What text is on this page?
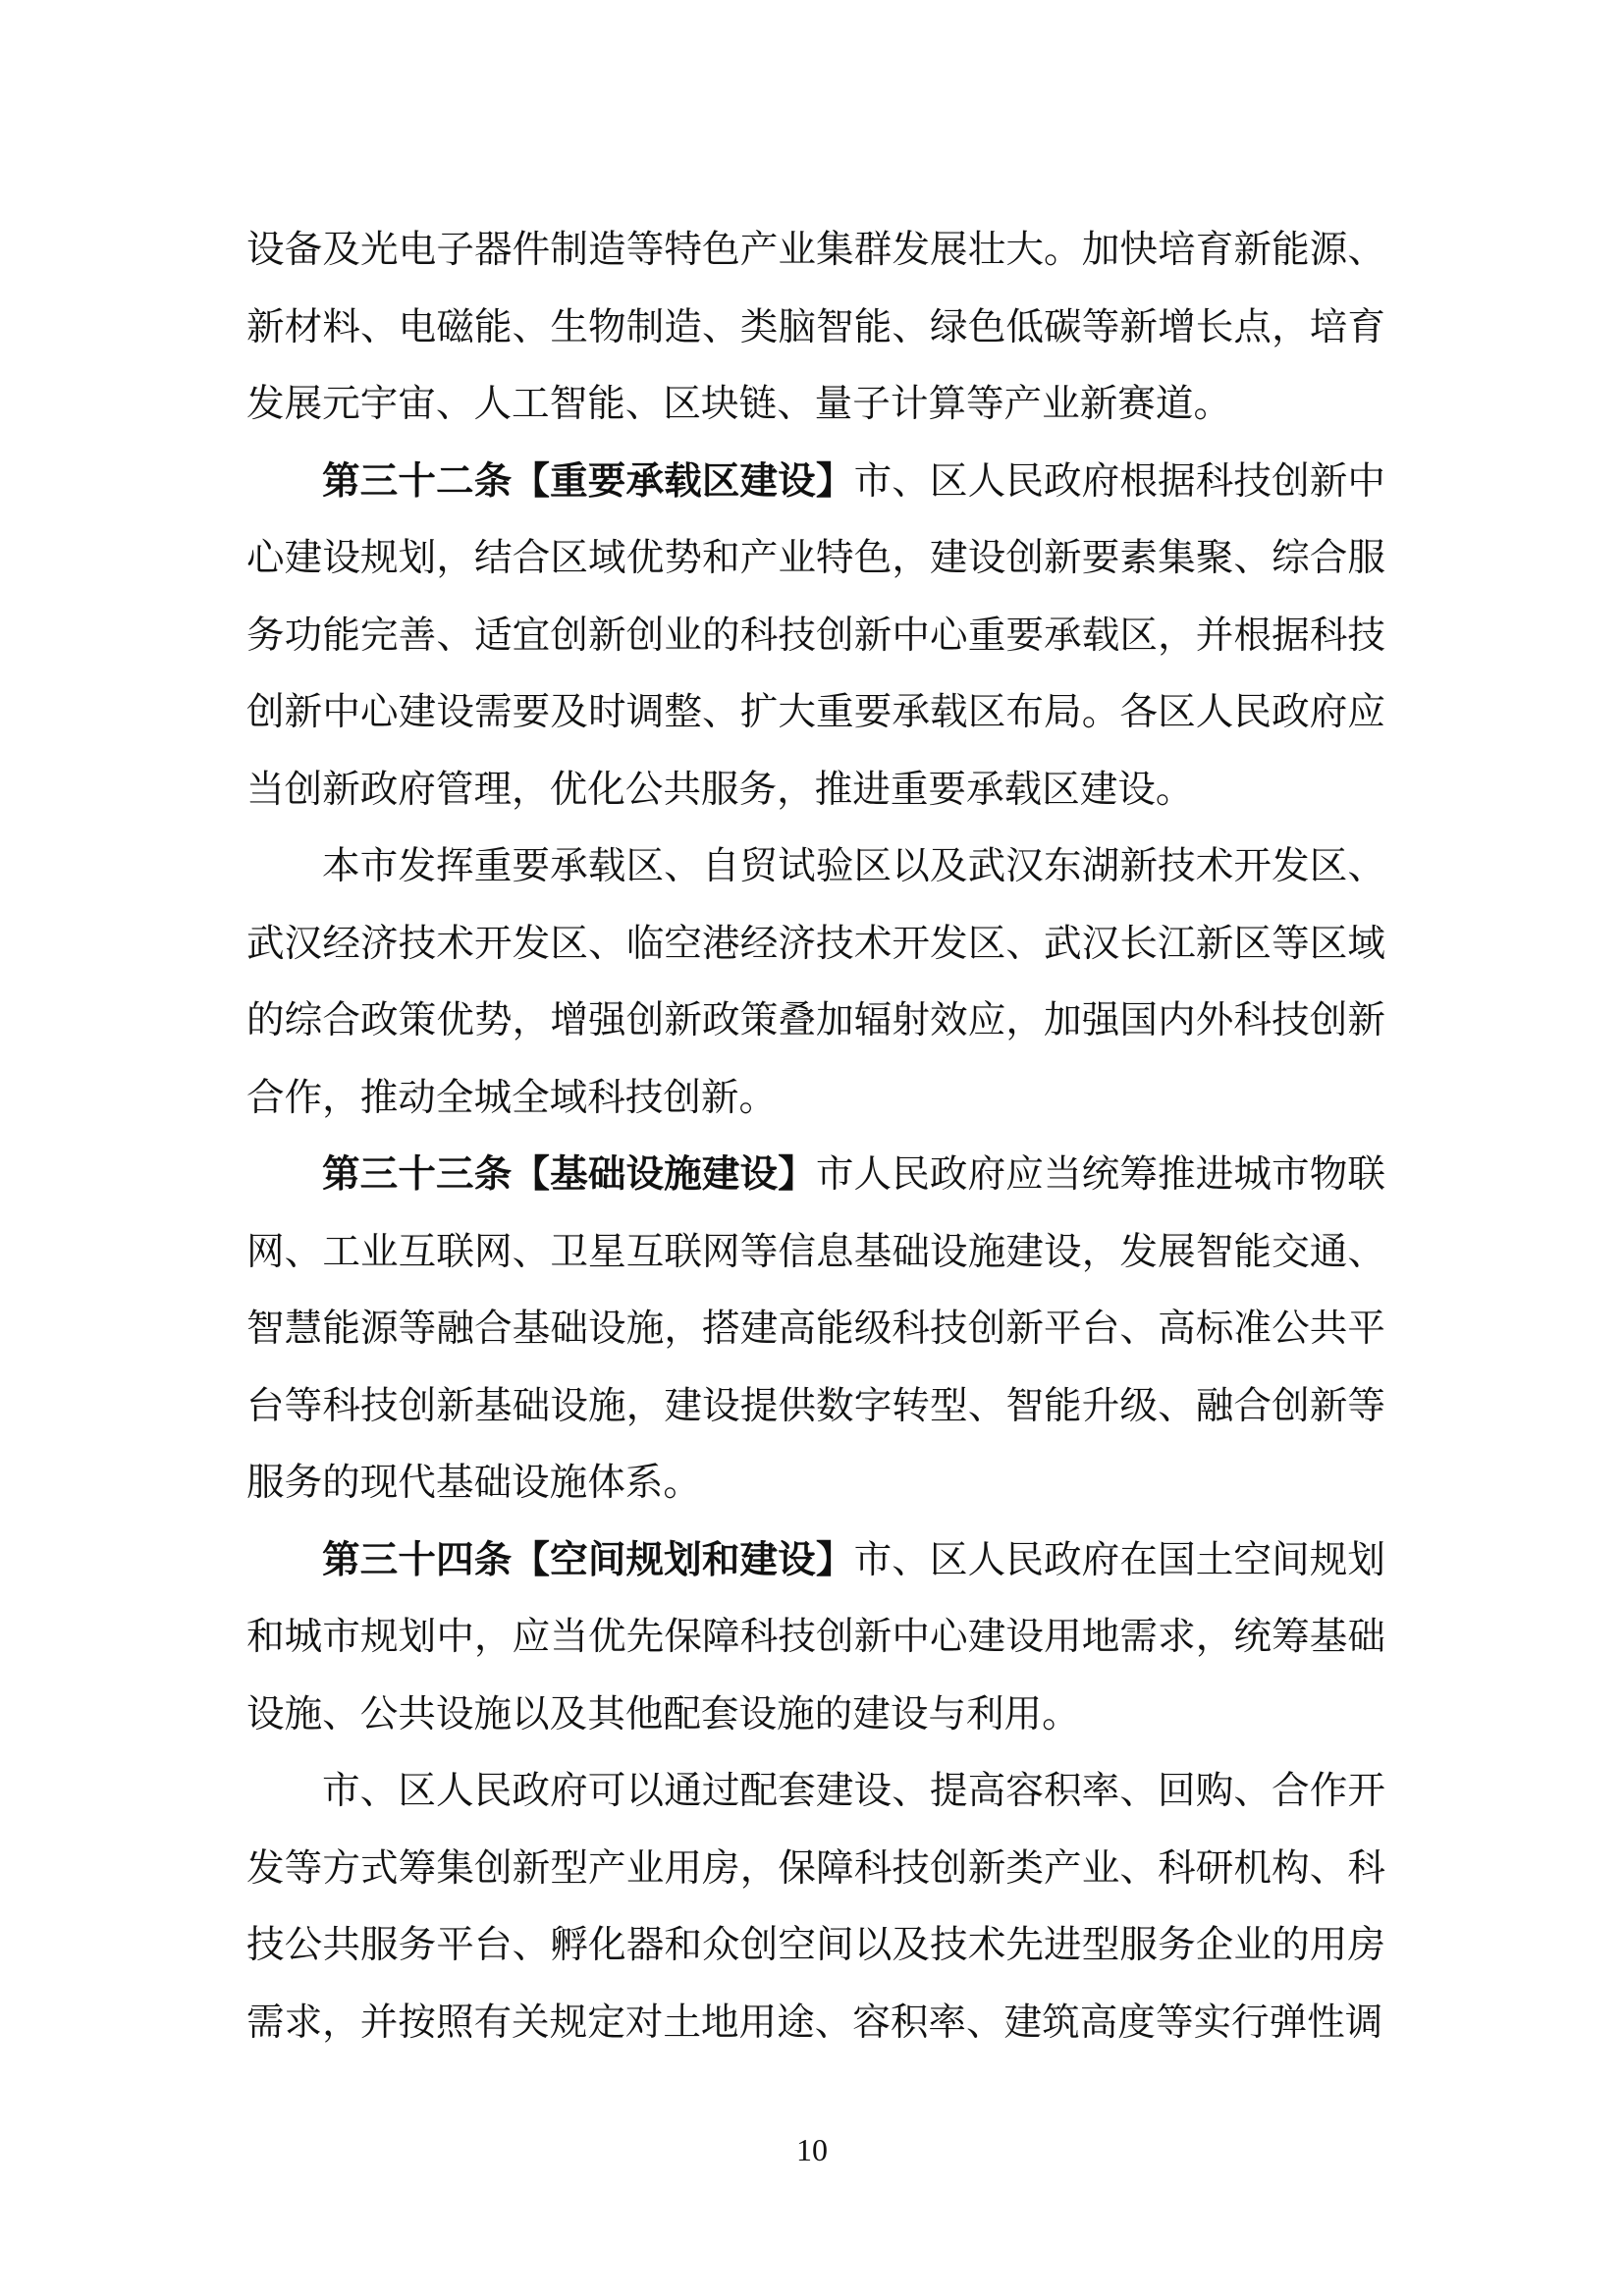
设备及光电子器件制造等特色产业集群发展壮大。加快培育新能源、新材料、电磁能、生物制造、类脑智能、绿色低碳等新增长点，培育发展元宇宙、人工智能、区块链、量子计算等产业新赛道。

第三十二条【重要承载区建设】市、区人民政府根据科技创新中心建设规划，结合区域优势和产业特色，建设创新要素集聚、综合服务功能完善、适宜创新创业的科技创新中心重要承载区，并根据科技创新中心建设需要及时调整、扩大重要承载区布局。各区人民政府应当创新政府管理，优化公共服务，推进重要承载区建设。

本市发挥重要承载区、自贸试验区以及武汉东湖新技术开发区、武汉经济技术开发区、临空港经济技术开发区、武汉长江新区等区域的综合政策优势，增强创新政策叠加辐射效应，加强国内外科技创新合作，推动全城全域科技创新。

第三十三条【基础设施建设】市人民政府应当统筹推进城市物联网、工业互联网、卫星互联网等信息基础设施建设，发展智能交通、智慧能源等融合基础设施，搭建高能级科技创新平台、高标准公共平台等科技创新基础设施，建设提供数字转型、智能升级、融合创新等服务的现代基础设施体系。

第三十四条【空间规划和建设】市、区人民政府在国土空间规划和城市规划中，应当优先保障科技创新中心建设用地需求，统筹基础设施、公共设施以及其他配套设施的建设与利用。

市、区人民政府可以通过配套建设、提高容积率、回购、合作开发等方式筹集创新型产业用房，保障科技创新类产业、科研机构、科技公共服务平台、孵化器和众创空间以及技术先进型服务企业的用房需求，并按照有关规定对土地用途、容积率、建筑高度等实行弹性调

10
